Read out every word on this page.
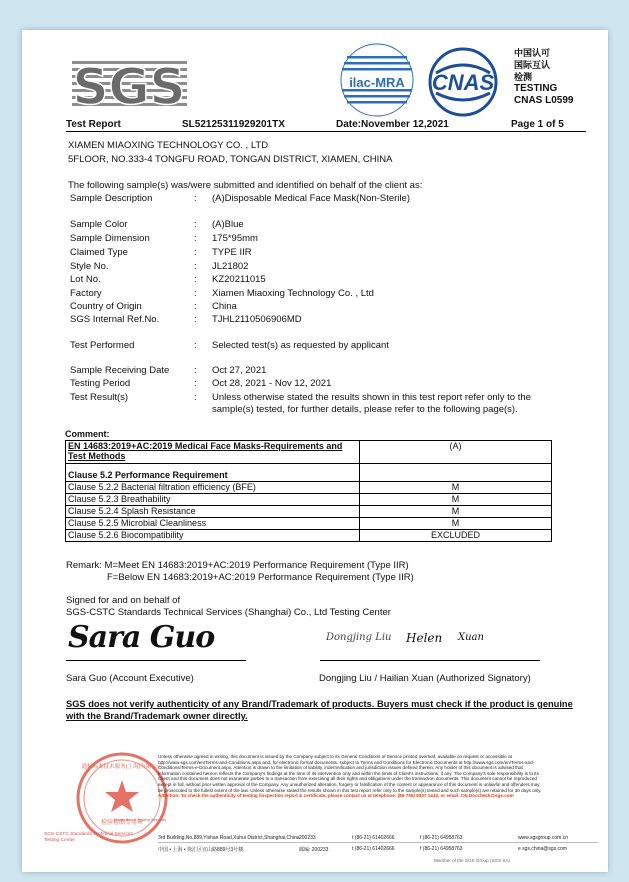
SGS	ilac-MRA CNAS
中国认可
国际互认
检测
TESTING
CNAS L0599
Test Report	SL52125311929201TX	Date:November 12,2021	Page 1 of 5
XIAMEN MIAOXING TECHNOLOGY CO. , LTD
5FLOOR, NO.333-4 TONGFU ROAD, TONGAN DISTRICT, XIAMEN, CHINA
The following sample(s) was/were submitted and identified on behalf of the client as:
Sample Description	: (A)Disposable Medical Face Mask(Non-Sterile)
Sample Color	: (A)Blue
Sample Dimension	: 175*95mm
Claimed Type	: TYPE IIR
Style No.	: JL21802
Lot No.	: KZ20211015
Factory	: Xiamen Miaoxing Technology Co. , Ltd
Country of Origin	: China
SGS Internal Ref.No.	: TJHL2110506906MD
Test Performed	: Selected test(s) as requested by applicant
Sample Receiving Date	: Oct 27, 2021
Testing Period	: Oct 28, 2021 - Nov 12, 2021
Test Result(s)	: Unless otherwise stated the results shown in this test report refer only to the
sample(s) tested, for further details, please refer to the following page(s).
Comment:
EN 14683:2019+AC:2019 Medical Face Masks-Requirements and Test Methods	(A)
Clause 5.2 Performance Requirement	
Clause 5.2.2 Bacterial filtration efficiency (BFE)	M
Clause 5.2.3 Breathability	M
Clause 5.2.4 Splash Resistance	M
Clause 5.2.5 Microbial Cleanliness	M
Clause 5.2.6 Biocompatibility	EXCLUDED
Remark: M=Meet EN 14683:2019+AC:2019 Performance Requirement (Type IIR)
F=Below EN 14683:2019+AC:2019 Performance Requirement (Type IIR)
Signed for and on behalf of
SGS-CSTC Standards Technical Services (Shanghai) Co., Ltd Testing Center
Sara Guo
Sara Guo (Account Executive)
Dongjing Liu Helen Xuan
Dongjing Liu / Hailian Xuan (Authorized Signatory)
SGS does not verify authenticity of any Brand/Trademark of products. Buyers must check if the product is genuine with the Brand/Trademark owner directly.
检验检测专用章
通标标准技术服务(上海)有限公司
SGS-CSTC Standards Technical Services
Testing Center
Inspection & Testing Services
Unless otherwise agreed in writing, this document is issued by the Company subject to its General Conditions of Service printed overleaf, available on request or accessible at http://www.sgs.com/en/Terms-and-Conditions.aspx and, for electronic format documents, subject to Terms and Conditions for Electronic Documents at http://www.sgs.com/en/Terms-and-Conditions/Terms-e-Document.aspx. Attention is drawn to the limitation of liability, indemnification and jurisdiction issues defined therein. Any holder of this document is advised that information contained hereon reflects the Company's findings at the time of its intervention only and within the limits of Client's instructions, if any. The Company's sole responsibility is to its Client and this document does not exonerate parties to a transaction from exercising all their rights and obligations under the transaction documents. This document cannot be reproduced except in full, without prior written approval of the Company. Any unauthorized alteration, forgery or falsification of the content or appearance of this document is unlawful and offenders may be prosecuted to the fullest extent of the law. Unless otherwise stated the results shown in this test report refer only to the sample(s) tested and such sample(s) are retained for 30 days only.
Attention: To check the authenticity of testing /inspection report & certificate, please contact us at telephone: (86-755) 8307 1443, or email: CN.Doccheck@sgs.com
3rd Building,No.889,Yishan Road,Xuhui District,Shanghai,China 200233	t (86-21) 61402666	f (86-21) 64958763	www.sgsgroup.com.cn
中国 • 上海 • 徐汇区宜山路889号3号楼	邮编: 200233	t (86-21) 61402666	f (86-21) 64958763	e sgs.china@sgs.com
Member of the SGS Group (SGS SA)
